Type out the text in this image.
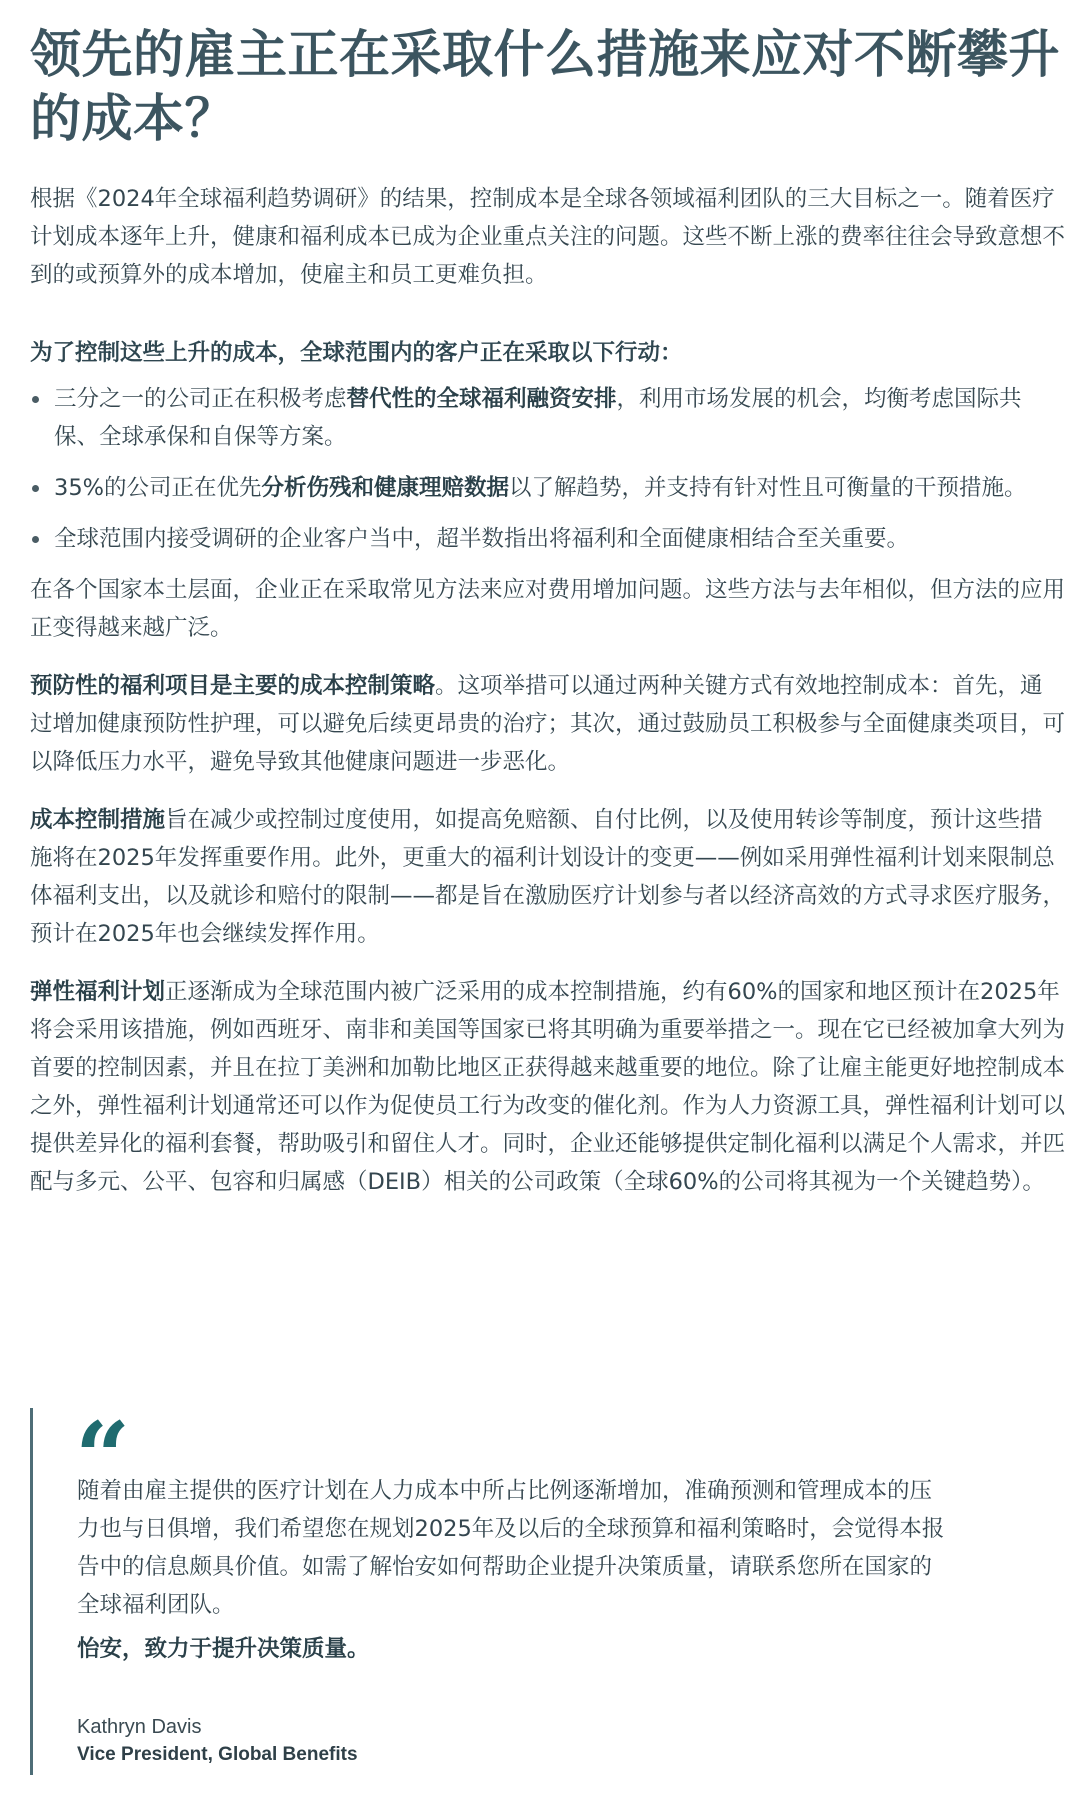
领先的雇主正在采取什么措施来应对不断攀升的成本？

根据《2024年全球福利趋势调研》的结果，控制成本是全球各领域福利团队的三大目标之一。随着医疗计划成本逐年上升，健康和福利成本已成为企业重点关注的问题。这些不断上涨的费率往往会导致意想不到的或预算外的成本增加，使雇主和员工更难负担。

为了控制这些上升的成本，全球范围内的客户正在采取以下行动：

三分之一的公司正在积极考虑替代性的全球福利融资安排，利用市场发展的机会，均衡考虑国际共保、全球承保和自保等方案。
35%的公司正在优先分析伤残和健康理赔数据以了解趋势，并支持有针对性且可衡量的干预措施。
全球范围内接受调研的企业客户当中，超半数指出将福利和全面健康相结合至关重要。

在各个国家本土层面，企业正在采取常见方法来应对费用增加问题。这些方法与去年相似，但方法的应用正变得越来越广泛。

预防性的福利项目是主要的成本控制策略。这项举措可以通过两种关键方式有效地控制成本：首先，通过增加健康预防性护理，可以避免后续更昂贵的治疗；其次，通过鼓励员工积极参与全面健康类项目，可以降低压力水平，避免导致其他健康问题进一步恶化。

成本控制措施旨在减少或控制过度使用，如提高免赔额、自付比例，以及使用转诊等制度，预计这些措施将在2025年发挥重要作用。此外，更重大的福利计划设计的变更——例如采用弹性福利计划来限制总体福利支出，以及就诊和赔付的限制——都是旨在激励医疗计划参与者以经济高效的方式寻求医疗服务，预计在2025年也会继续发挥作用。

弹性福利计划正逐渐成为全球范围内被广泛采用的成本控制措施，约有60%的国家和地区预计在2025年将会采用该措施，例如西班牙、南非和美国等国家已将其明确为重要举措之一。现在它已经被加拿大列为首要的控制因素，并且在拉丁美洲和加勒比地区正获得越来越重要的地位。除了让雇主能更好地控制成本之外，弹性福利计划通常还可以作为促使员工行为改变的催化剂。作为人力资源工具，弹性福利计划可以提供差异化的福利套餐，帮助吸引和留住人才。同时，企业还能够提供定制化福利以满足个人需求，并匹配与多元、公平、包容和归属感（DEIB）相关的公司政策（全球60%的公司将其视为一个关键趋势）。

“
随着由雇主提供的医疗计划在人力成本中所占比例逐渐增加，准确预测和管理成本的压力也与日俱增，我们希望您在规划2025年及以后的全球预算和福利策略时，会觉得本报告中的信息颇具价值。如需了解怡安如何帮助企业提升决策质量，请联系您所在国家的全球福利团队。
怡安，致力于提升决策质量。
Kathryn Davis
Vice President, Global Benefits
